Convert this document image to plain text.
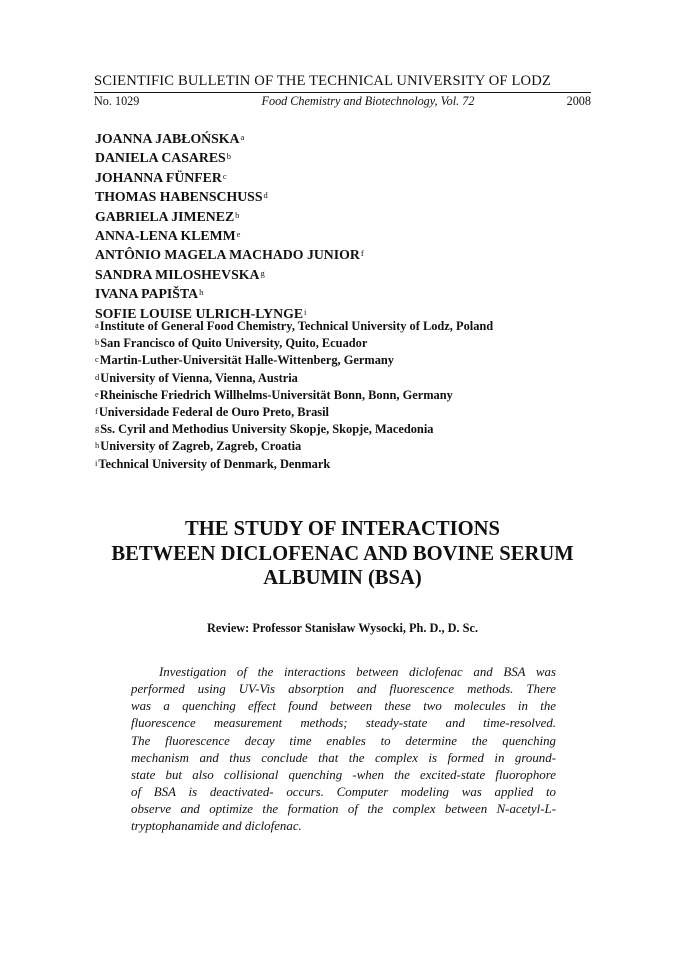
SCIENTIFIC BULLETIN OF THE TECHNICAL UNIVERSITY OF LODZ
No. 1029	Food Chemistry and Biotechnology, Vol. 72	2008
JOANNA JABŁOŃSKA$^a$
DANIELA CASARES$^b$
JOHANNA FÜNFER$^c$
THOMAS HABENSCHUSS$^d$
GABRIELA JIMENEZ$^b$
ANNA-LENA KLEMM$^e$
ANTÔNIO MAGELA MACHADO JUNIOR$^f$
SANDRA MILOSHEVSKA$^g$
IVANA PAPIŠTA$^h$
SOFIE LOUISE ULRICH-LYNGE$^i$
$^a$Institute of General Food Chemistry, Technical University of Lodz, Poland
$^b$San Francisco of Quito University, Quito, Ecuador
$^c$Martin-Luther-Universität Halle-Wittenberg, Germany
$^d$University of Vienna, Vienna, Austria
$^e$Rheinische Friedrich Willhelms-Universität Bonn, Bonn, Germany
$^f$Universidade Federal de Ouro Preto, Brasil
$^g$Ss. Cyril and Methodius University Skopje, Skopje, Macedonia
$^h$University of Zagreb, Zagreb, Croatia
$^i$Technical University of Denmark, Denmark
THE STUDY OF INTERACTIONS
BETWEEN DICLOFENAC AND BOVINE SERUM
ALBUMIN (BSA)
Review: Professor Stanisław Wysocki, Ph. D., D. Sc.
Investigation of the interactions between diclofenac and BSA was
performed using UV-Vis absorption and fluorescence methods. There
was a quenching effect found between these two molecules in the
fluorescence measurement methods; steady-state and time-resolved.
The fluorescence decay time enables to determine the quenching
mechanism and thus conclude that the complex is formed in ground-
state but also collisional quenching -when the excited-state fluorophore
of BSA is deactivated- occurs. Computer modeling was applied to
observe and optimize the formation of the complex between N-acetyl-L-
tryptophanamide and diclofenac.
